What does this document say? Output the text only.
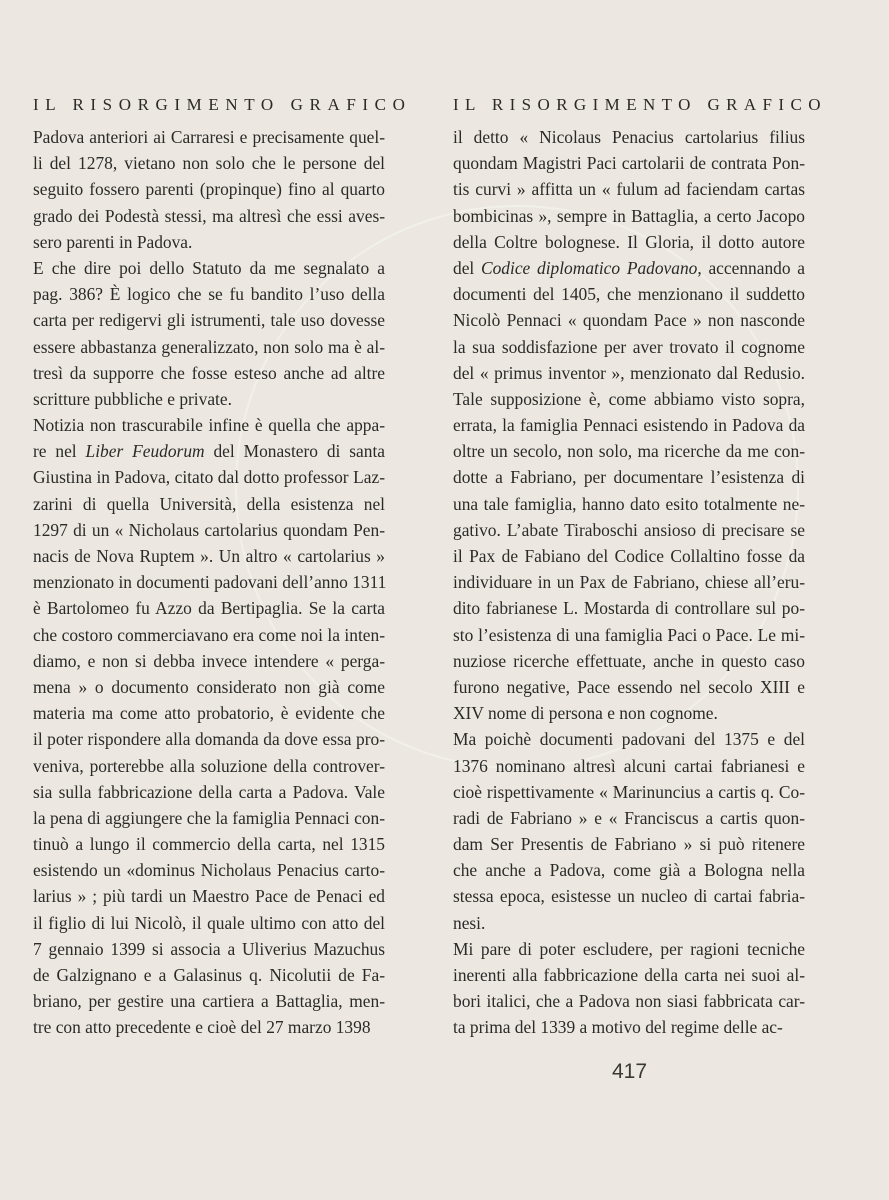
IL RISORGIMENTO GRAFICO
Padova anteriori ai Carraresi e precisamente quel-
li del 1278, vietano non solo che le persone del
seguito fossero parenti (propinque) fino al quarto
grado dei Podestà stessi, ma altresì che essi aves-
sero parenti in Padova.
E che dire poi dello Statuto da me segnalato a
pag. 386? È logico che se fu bandito l’uso della
carta per redigervi gli istrumenti, tale uso dovesse
essere abbastanza generalizzato, non solo ma è al-
tresì da supporre che fosse esteso anche ad altre
scritture pubbliche e private.
Notizia non trascurabile infine è quella che appa-
re nel Liber Feudorum del Monastero di santa
Giustina in Padova, citato dal dotto professor Laz-
zarini di quella Università, della esistenza nel
1297 di un « Nicholaus cartolarius quondam Pen-
nacis de Nova Ruptem ». Un altro « cartolarius »
menzionato in documenti padovani dell’anno 1311
è Bartolomeo fu Azzo da Bertipaglia. Se la carta
che costoro commerciavano era come noi la inten-
diamo, e non si debba invece intendere « perga-
mena » o documento considerato non già come
materia ma come atto probatorio, è evidente che
il poter rispondere alla domanda da dove essa pro-
veniva, porterebbe alla soluzione della controver-
sia sulla fabbricazione della carta a Padova. Vale
la pena di aggiungere che la famiglia Pennaci con-
tinuò a lungo il commercio della carta, nel 1315
esistendo un «dominus Nicholaus Penacius carto-
larius » ; più tardi un Maestro Pace de Penaci ed
il figlio di lui Nicolò, il quale ultimo con atto del
7 gennaio 1399 si associa a Uliverius Mazuchus
de Galzignano e a Galasinus q. Nicolutii de Fa-
briano, per gestire una cartiera a Battaglia, men-
tre con atto precedente e cioè del 27 marzo 1398
IL RISORGIMENTO GRAFICO
il detto « Nicolaus Penacius cartolarius filius
quondam Magistri Paci cartolarii de contrata Pon-
tis curvi » affitta un « fulum ad faciendam cartas
bombicinas », sempre in Battaglia, a certo Jacopo
della Coltre bolognese. Il Gloria, il dotto autore
del Codice diplomatico Padovano, accennando a
documenti del 1405, che menzionano il suddetto
Nicolò Pennaci « quondam Pace » non nasconde
la sua soddisfazione per aver trovato il cognome
del « primus inventor », menzionato dal Redusio.
Tale supposizione è, come abbiamo visto sopra,
errata, la famiglia Pennaci esistendo in Padova da
oltre un secolo, non solo, ma ricerche da me con-
dotte a Fabriano, per documentare l’esistenza di
una tale famiglia, hanno dato esito totalmente ne-
gativo. L’abate Tiraboschi ansioso di precisare se
il Pax de Fabiano del Codice Collaltino fosse da
individuare in un Pax de Fabriano, chiese all’eru-
dito fabrianese L. Mostarda di controllare sul po-
sto l’esistenza di una famiglia Paci o Pace. Le mi-
nuziose ricerche effettuate, anche in questo caso
furono negative, Pace essendo nel secolo XIII e
XIV nome di persona e non cognome.
Ma poichè documenti padovani del 1375 e del
1376 nominano altresì alcuni cartai fabrianesi e
cioè rispettivamente « Marinuncius a cartis q. Co-
radi de Fabriano » e « Franciscus a cartis quon-
dam Ser Presentis de Fabriano » si può ritenere
che anche a Padova, come già a Bologna nella
stessa epoca, esistesse un nucleo di cartai fabria-
nesi.
Mi pare di poter escludere, per ragioni tecniche
inerenti alla fabbricazione della carta nei suoi al-
bori italici, che a Padova non siasi fabbricata car-
ta prima del 1339 a motivo del regime delle ac-
417
